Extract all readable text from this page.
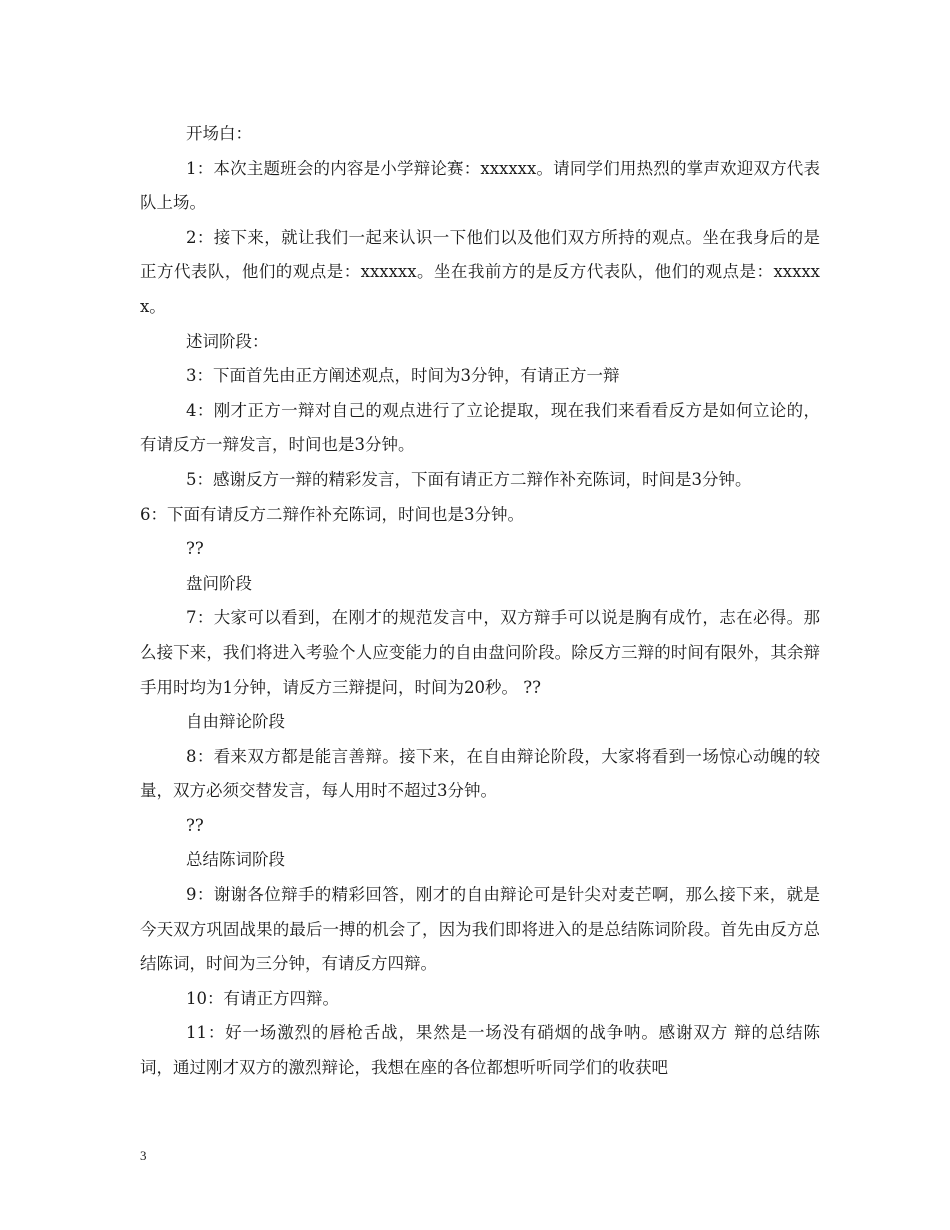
开场白：

1：本次主题班会的内容是小学辩论赛：xxxxxx。请同学们用热烈的掌声欢迎双方代表队上场。

2：接下来，就让我们一起来认识一下他们以及他们双方所持的观点。坐在我身后的是正方代表队，他们的观点是：xxxxxx。坐在我前方的是反方代表队，他们的观点是：xxxxxx。

述词阶段：

3：下面首先由正方阐述观点，时间为3分钟，有请正方一辩

4：刚才正方一辩对自己的观点进行了立论提取，现在我们来看看反方是如何立论的，有请反方一辩发言，时间也是3分钟。

5：感谢反方一辩的精彩发言，下面有请正方二辩作补充陈词，时间是3分钟。

6：下面有请反方二辩作补充陈词，时间也是3分钟。

??

盘问阶段

7：大家可以看到，在刚才的规范发言中，双方辩手可以说是胸有成竹，志在必得。那么接下来，我们将进入考验个人应变能力的自由盘问阶段。除反方三辩的时间有限外，其余辩手用时均为1分钟，请反方三辩提问，时间为20秒。 ??

自由辩论阶段

8：看来双方都是能言善辩。接下来，在自由辩论阶段，大家将看到一场惊心动魄的较量，双方必须交替发言，每人用时不超过3分钟。

??

总结陈词阶段

9：谢谢各位辩手的精彩回答，刚才的自由辩论可是针尖对麦芒啊，那么接下来，就是今天双方巩固战果的最后一搏的机会了，因为我们即将进入的是总结陈词阶段。首先由反方总结陈词，时间为三分钟，有请反方四辩。

10：有请正方四辩。

11：好一场激烈的唇枪舌战，果然是一场没有硝烟的战争呐。感谢双方 辩的总结陈词，通过刚才双方的激烈辩论，我想在座的各位都想听听同学们的收获吧

3
